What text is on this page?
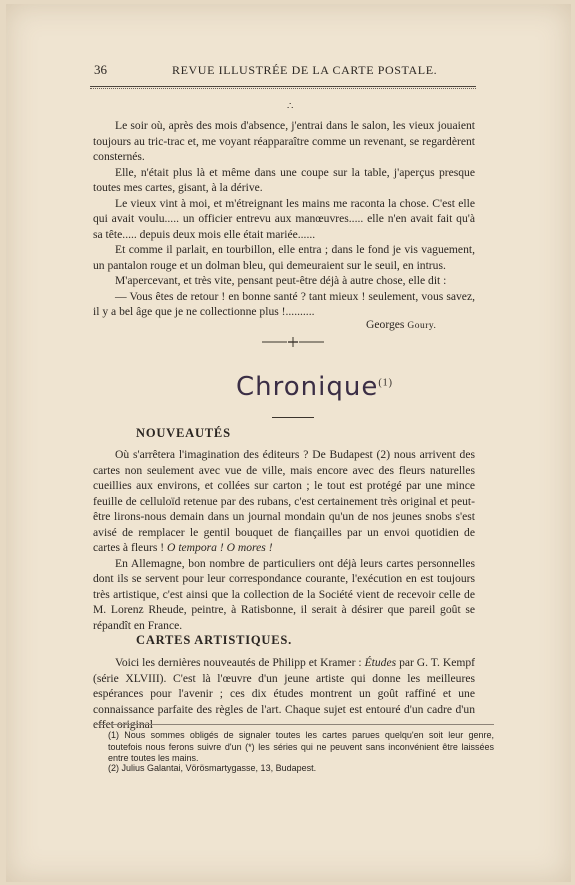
36	REVUE ILLUSTRÉE DE LA CARTE POSTALE.
∴

Le soir où, après des mois d'absence, j'entrai dans le salon, les vieux jouaient toujours au tric-trac et, me voyant réapparaître comme un revenant, se regardèrent consternés.

Elle, n'était plus là et même dans une coupe sur la table, j'aperçus presque toutes mes cartes, gisant, à la dérive.

Le vieux vint à moi, et m'étreignant les mains me raconta la chose. C'est elle qui avait voulu..... un officier entrevu aux manœuvres..... elle n'en avait fait qu'à sa tête..... depuis deux mois elle était mariée......

Et comme il parlait, en tourbillon, elle entra ; dans le fond je vis vaguement, un pantalon rouge et un dolman bleu, qui demeuraient sur le seuil, en intrus.

M'apercevant, et très vite, pensant peut-être déjà à autre chose, elle dit :

— Vous êtes de retour ! en bonne santé ? tant mieux ! seulement, vous savez, il y a bel âge que je ne collectionne plus !..........

Georges Goury.
Chronique$^{(1)}$
NOUVEAUTÉS

Où s'arrêtera l'imagination des éditeurs ? De Budapest (2) nous arrivent des cartes non seulement avec vue de ville, mais encore avec des fleurs naturelles cueillies aux environs, et collées sur carton ; le tout est protégé par une mince feuille de celluloïd retenue par des rubans, c'est certainement très original et peut-être lirons-nous demain dans un journal mondain qu'un de nos jeunes snobs s'est avisé de remplacer le gentil bouquet de fiançailles par un envoi quotidien de cartes à fleurs ! O tempora ! O mores !

En Allemagne, bon nombre de particuliers ont déjà leurs cartes personnelles dont ils se servent pour leur correspondance courante, l'exécution en est toujours très artistique, c'est ainsi que la collection de la Société vient de recevoir celle de M. Lorenz Rheude, peintre, à Ratisbonne, il serait à désirer que pareil goût se répandît en France.

CARTES ARTISTIQUES.

Voici les dernières nouveautés de Philipp et Kramer : Études par G. T. Kempf (série XLVIII). C'est là l'œuvre d'un jeune artiste qui donne les meilleures espérances pour l'avenir ; ces dix études montrent un goût raffiné et une connaissance parfaite des règles de l'art. Chaque sujet est entouré d'un cadre d'un effet original

(1) Nous sommes obligés de signaler toutes les cartes parues quelqu'en soit leur genre, toutefois nous ferons suivre d'un (*) les séries qui ne peuvent sans inconvénient être laissées entre toutes les mains.
(2) Julius Galantai, Vörösmartygasse, 13, Budapest.
